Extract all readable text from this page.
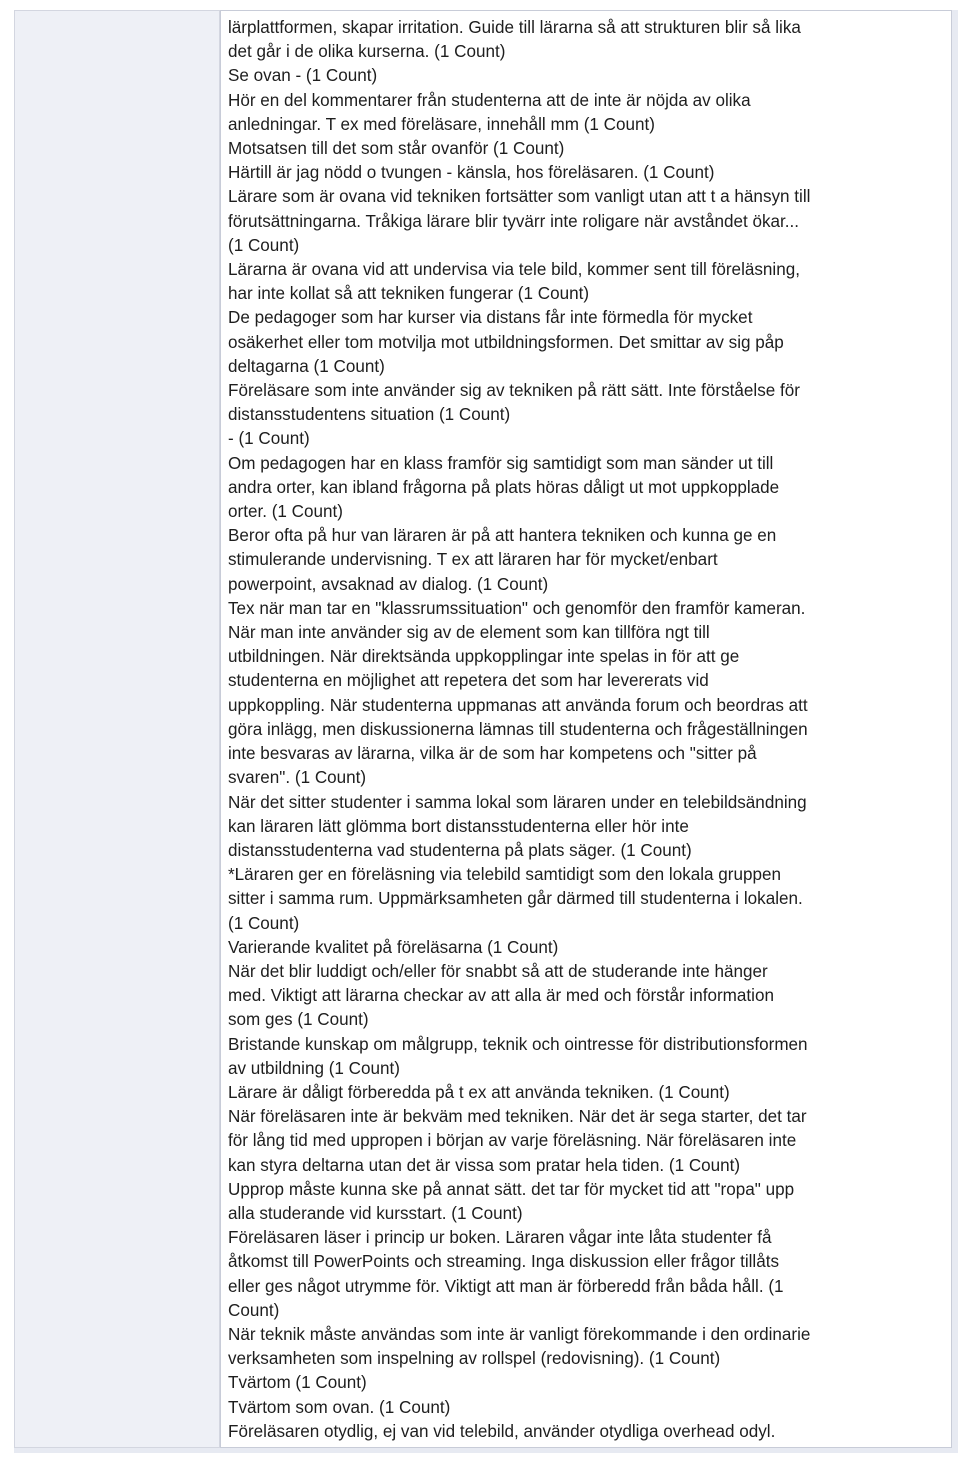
lärplattformen, skapar irritation. Guide till lärarna så att strukturen blir så lika
det går i de olika kurserna. (1 Count)
Se ovan - (1 Count)
Hör en del kommentarer från studenterna att de inte är nöjda av olika
anledningar. T ex med föreläsare, innehåll mm (1 Count)
Motsatsen till det som står ovanför (1 Count)
Härtill är jag nödd o tvungen - känsla, hos föreläsaren. (1 Count)
Lärare som är ovana vid tekniken fortsätter som vanligt utan att t a hänsyn till
förutsättningarna. Tråkiga lärare blir tyvärr inte roligare när avståndet ökar...
(1 Count)
Lärarna är ovana vid att undervisa via tele bild, kommer sent till föreläsning,
har inte kollat så att tekniken fungerar (1 Count)
De pedagoger som har kurser via distans får inte förmedla för mycket
osäkerhet eller tom motvilja mot utbildningsformen. Det smittar av sig påp
deltagarna (1 Count)
Föreläsare som inte använder sig av tekniken på rätt sätt. Inte förståelse för
distansstudentens situation (1 Count)
- (1 Count)
Om pedagogen har en klass framför sig samtidigt som man sänder ut till
andra orter, kan ibland frågorna på plats höras dåligt ut mot uppkopplade
orter. (1 Count)
Beror ofta på hur van läraren är på att hantera tekniken och kunna ge en
stimulerande undervisning. T ex att läraren har för mycket/enbart
powerpoint, avsaknad av dialog. (1 Count)
Tex när man tar en "klassrumssituation" och genomför den framför kameran.
När man inte använder sig av de element som kan tillföra ngt till
utbildningen. När direktsända uppkopplingar inte spelas in för att ge
studenterna en möjlighet att repetera det som har levererats vid
uppkoppling. När studenterna uppmanas att använda forum och beordras att
göra inlägg, men diskussionerna lämnas till studenterna och frågeställningen
inte besvaras av lärarna, vilka är de som har kompetens och "sitter på
svaren". (1 Count)
När det sitter studenter i samma lokal som läraren under en telebildsändning
kan läraren lätt glömma bort distansstudenterna eller hör inte
distansstudenterna vad studenterna på plats säger. (1 Count)
*Läraren ger en föreläsning via telebild samtidigt som den lokala gruppen
sitter i samma rum. Uppmärksamheten går därmed till studenterna i lokalen.
(1 Count)
Varierande kvalitet på föreläsarna (1 Count)
När det blir luddigt och/eller för snabbt så att de studerande inte hänger
med. Viktigt att lärarna checkar av att alla är med och förstår information
som ges (1 Count)
Bristande kunskap om målgrupp, teknik och ointresse för distributionsformen
av utbildning (1 Count)
Lärare är dåligt förberedda på t ex att använda tekniken. (1 Count)
När föreläsaren inte är bekväm med tekniken. När det är sega starter, det tar
för lång tid med uppropen i början av varje föreläsning. När föreläsaren inte
kan styra deltarna utan det är vissa som pratar hela tiden. (1 Count)
Upprop måste kunna ske på annat sätt. det tar för mycket tid att "ropa" upp
alla studerande vid kursstart. (1 Count)
Föreläsaren läser i princip ur boken. Läraren vågar inte låta studenter få
åtkomst till PowerPoints och streaming. Inga diskussion eller frågor tillåts
eller ges något utrymme för. Viktigt att man är förberedd från båda håll. (1
Count)
När teknik måste användas som inte är vanligt förekommande i den ordinarie
verksamheten som inspelning av rollspel (redovisning). (1 Count)
Tvärtom (1 Count)
Tvärtom som ovan. (1 Count)
Föreläsaren otydlig, ej van vid telebild, använder otydliga overhead odyl.
